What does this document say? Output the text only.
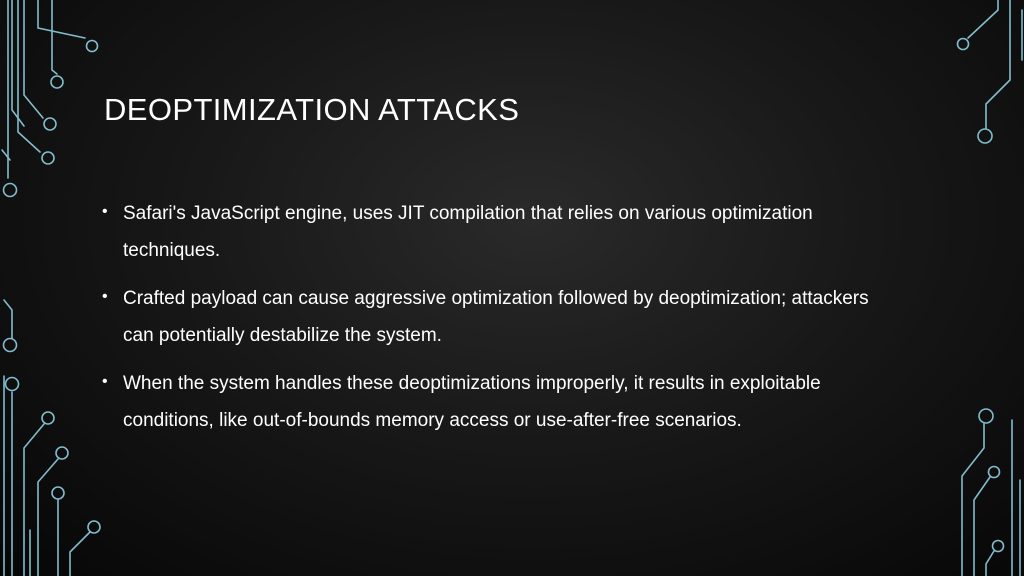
DEOPTIMIZATION ATTACKS
• Safari's JavaScript engine, uses JIT compilation that relies on various optimization techniques.
• Crafted payload can cause aggressive optimization followed by deoptimization; attackers can potentially destabilize the system.
• When the system handles these deoptimizations improperly, it results in exploitable conditions, like out-of-bounds memory access or use-after-free scenarios.
